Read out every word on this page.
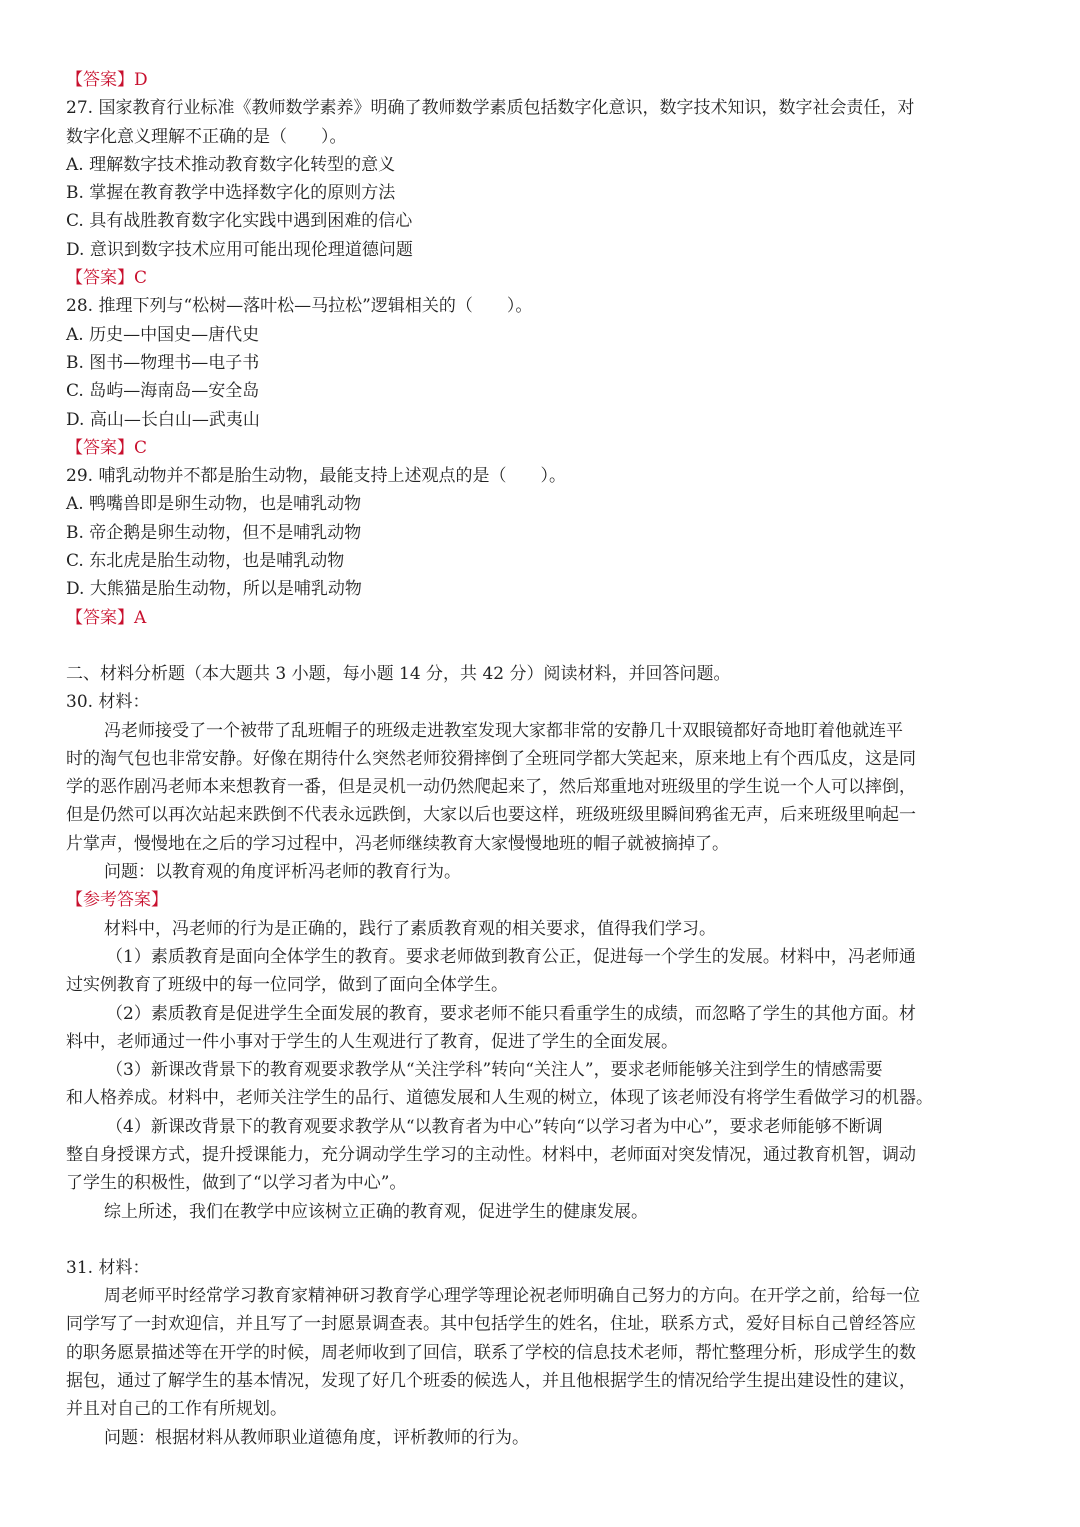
【答案】D
27. 国家教育行业标准《教师数学素养》明确了教师数学素质包括数字化意识，数字技术知识，数字社会责任，对
数字化意义理解不正确的是（　　）。
A. 理解数字技术推动教育数字化转型的意义
B. 掌握在教育教学中选择数字化的原则方法
C. 具有战胜教育数字化实践中遇到困难的信心
D. 意识到数字技术应用可能出现伦理道德问题
【答案】C
28. 推理下列与“松树—落叶松—马拉松”逻辑相关的（　　）。
A. 历史—中国史—唐代史
B. 图书—物理书—电子书
C. 岛屿—海南岛—安全岛
D. 高山—长白山—武夷山
【答案】C
29. 哺乳动物并不都是胎生动物，最能支持上述观点的是（　　）。
A. 鸭嘴兽即是卵生动物，也是哺乳动物
B. 帝企鹅是卵生动物，但不是哺乳动物
C. 东北虎是胎生动物，也是哺乳动物
D. 大熊猫是胎生动物，所以是哺乳动物
【答案】A
二、材料分析题（本大题共 3 小题，每小题 14 分，共 42 分）阅读材料，并回答问题。
30. 材料：
冯老师接受了一个被带了乱班帽子的班级走进教室发现大家都非常的安静几十双眼镜都好奇地盯着他就连平
时的淘气包也非常安静。好像在期待什么突然老师狡猾摔倒了全班同学都大笑起来，原来地上有个西瓜皮，这是同
学的恶作剧冯老师本来想教育一番，但是灵机一动仍然爬起来了，然后郑重地对班级里的学生说一个人可以摔倒，
但是仍然可以再次站起来跌倒不代表永远跌倒，大家以后也要这样，班级班级里瞬间鸦雀无声，后来班级里响起一
片掌声，慢慢地在之后的学习过程中，冯老师继续教育大家慢慢地班的帽子就被摘掉了。
问题：以教育观的角度评析冯老师的教育行为。
【参考答案】
材料中，冯老师的行为是正确的，践行了素质教育观的相关要求，值得我们学习。
（1）素质教育是面向全体学生的教育。要求老师做到教育公正，促进每一个学生的发展。材料中，冯老师通
过实例教育了班级中的每一位同学，做到了面向全体学生。
（2）素质教育是促进学生全面发展的教育，要求老师不能只看重学生的成绩，而忽略了学生的其他方面。材
料中，老师通过一件小事对于学生的人生观进行了教育，促进了学生的全面发展。
（3）新课改背景下的教育观要求教学从“关注学科”转向“关注人”，要求老师能够关注到学生的情感需要
和人格养成。材料中，老师关注学生的品行、道德发展和人生观的树立，体现了该老师没有将学生看做学习的机器。
（4）新课改背景下的教育观要求教学从“以教育者为中心”转向“以学习者为中心”，要求老师能够不断调
整自身授课方式，提升授课能力，充分调动学生学习的主动性。材料中，老师面对突发情况，通过教育机智，调动
了学生的积极性，做到了“以学习者为中心”。
综上所述，我们在教学中应该树立正确的教育观，促进学生的健康发展。
31. 材料：
周老师平时经常学习教育家精神研习教育学心理学等理论祝老师明确自己努力的方向。在开学之前，给每一位
同学写了一封欢迎信，并且写了一封愿景调查表。其中包括学生的姓名，住址，联系方式，爱好目标自己曾经答应
的职务愿景描述等在开学的时候，周老师收到了回信，联系了学校的信息技术老师，帮忙整理分析，形成学生的数
据包，通过了解学生的基本情况，发现了好几个班委的候选人，并且他根据学生的情况给学生提出建设性的建议，
并且对自己的工作有所规划。
问题：根据材料从教师职业道德角度，评析教师的行为。
